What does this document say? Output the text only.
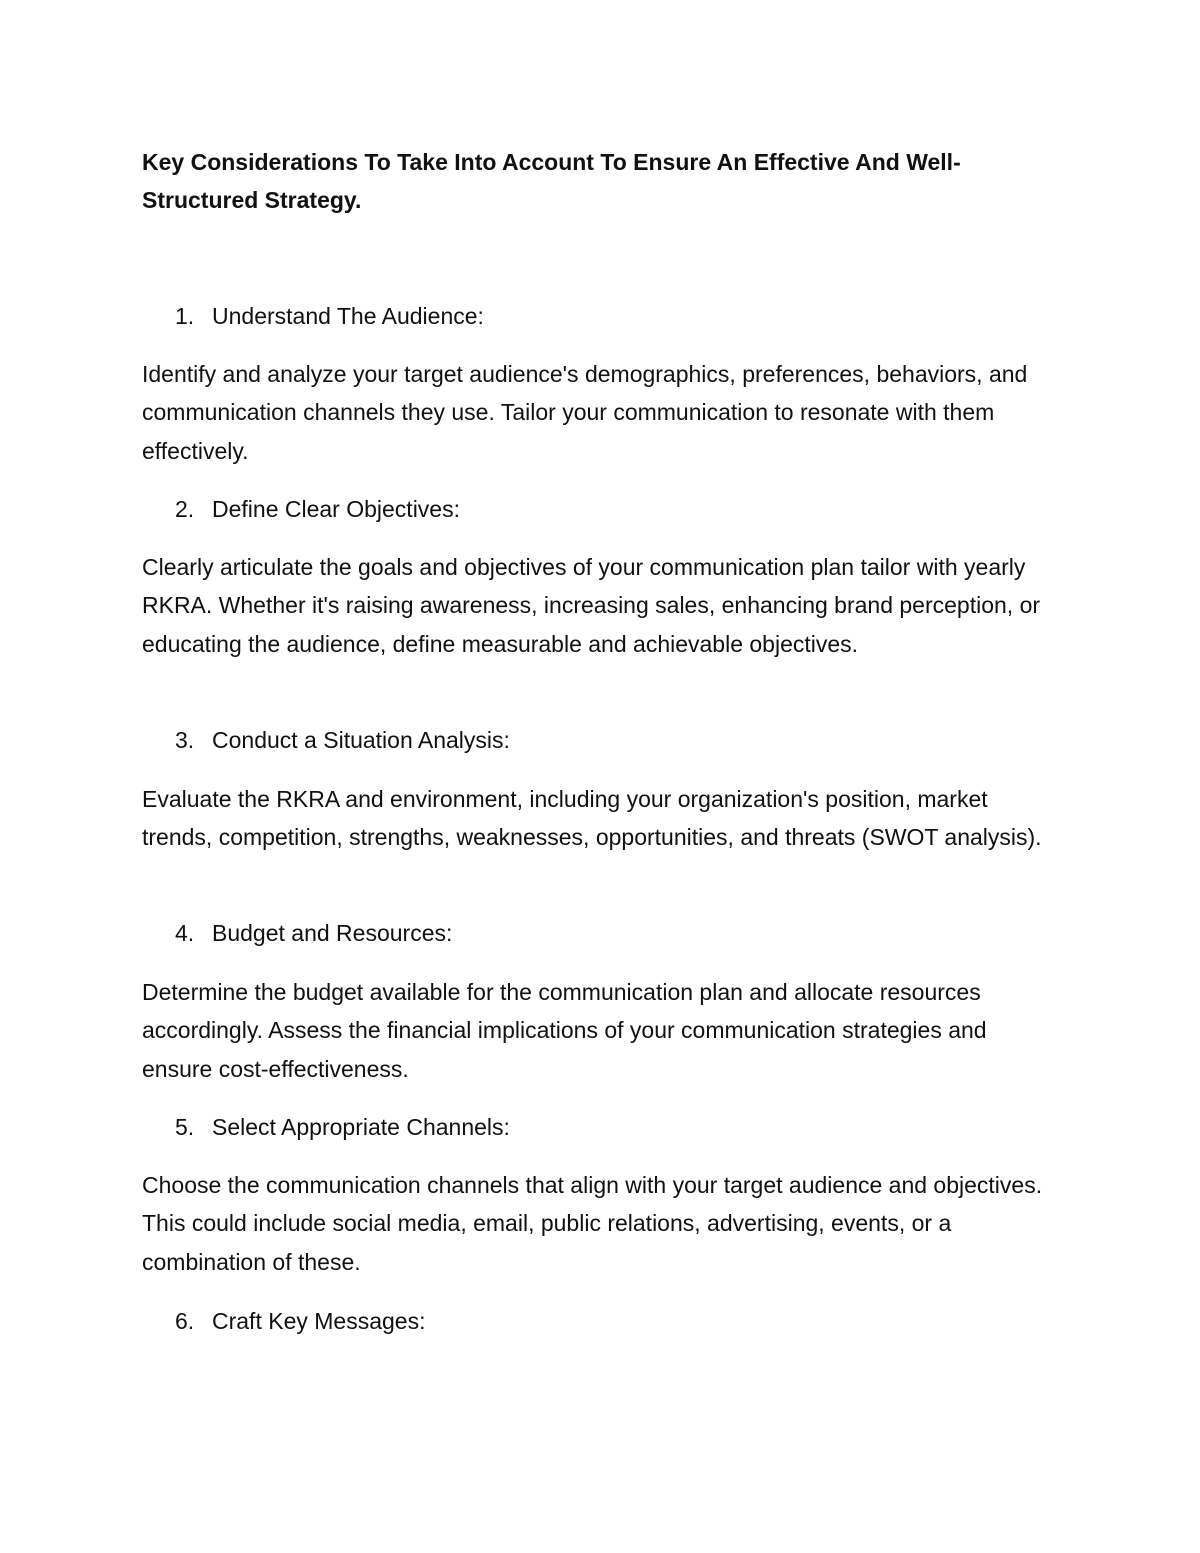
Key Considerations To Take Into Account To Ensure An Effective And Well-Structured Strategy.

1. Understand The Audience:

Identify and analyze your target audience's demographics, preferences, behaviors, and communication channels they use. Tailor your communication to resonate with them effectively.

2. Define Clear Objectives:

Clearly articulate the goals and objectives of your communication plan tailor with yearly RKRA. Whether it's raising awareness, increasing sales, enhancing brand perception, or educating the audience, define measurable and achievable objectives.

3. Conduct a Situation Analysis:

Evaluate the RKRA and environment, including your organization's position, market trends, competition, strengths, weaknesses, opportunities, and threats (SWOT analysis).

4. Budget and Resources:

Determine the budget available for the communication plan and allocate resources accordingly. Assess the financial implications of your communication strategies and ensure cost-effectiveness.

5. Select Appropriate Channels:

Choose the communication channels that align with your target audience and objectives. This could include social media, email, public relations, advertising, events, or a combination of these.

6. Craft Key Messages:
